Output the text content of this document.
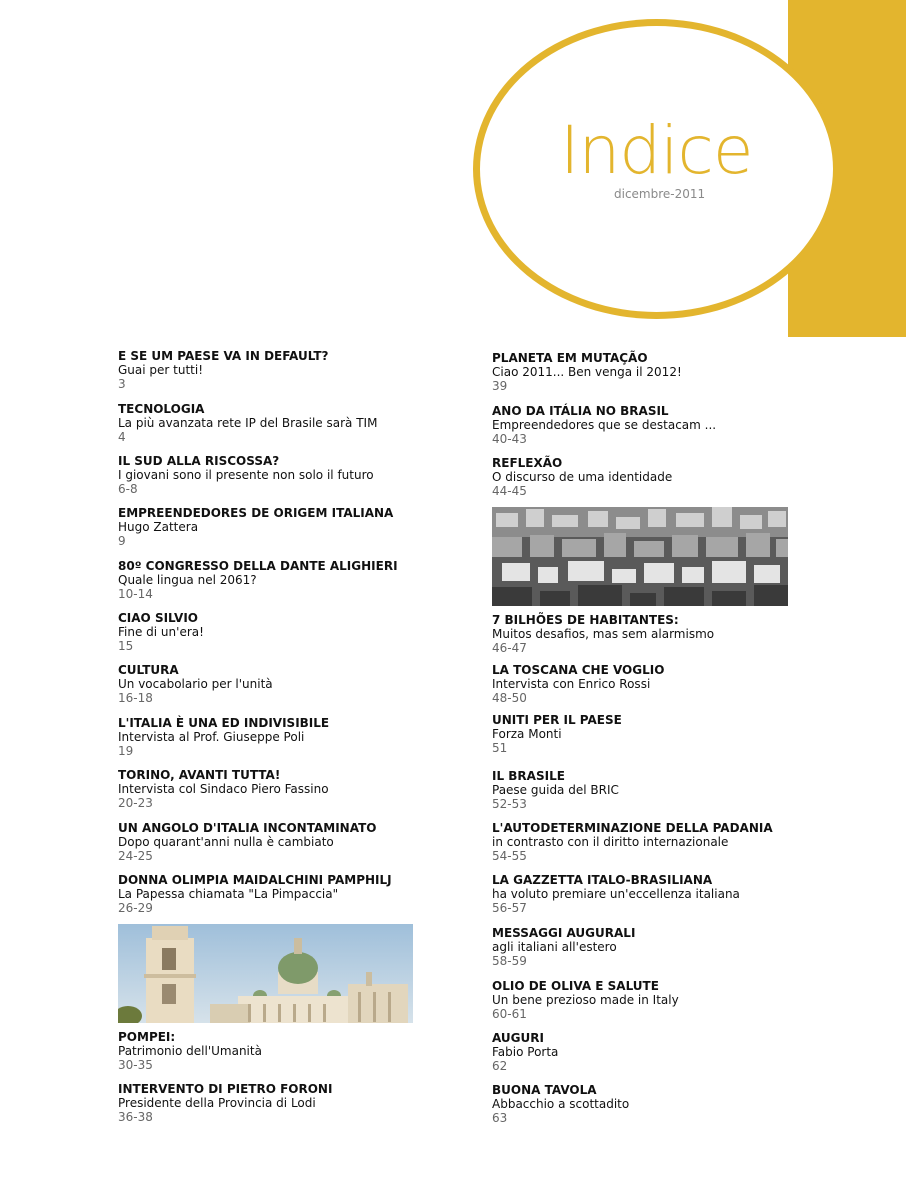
Indice
dicembre-2011
E SE UM PAESE VA IN DEFAULT?
Guai per tutti!
3
TECNOLOGIA
La più avanzata rete IP del Brasile sarà TIM
4
IL SUD ALLA RISCOSSA?
I giovani sono il presente non solo il futuro
6-8
EMPREENDEDORES DE ORIGEM ITALIANA
Hugo Zattera
9
80º CONGRESSO DELLA DANTE ALIGHIERI
Quale lingua nel 2061?
10-14
CIAO SILVIO
Fine di un'era!
15
CULTURA
Un vocabolario per l'unità
16-18
L'ITALIA È UNA ED INDIVISIBILE
Intervista al Prof. Giuseppe Poli
19
TORINO, AVANTI TUTTA!
Intervista col Sindaco Piero Fassino
20-23
UN ANGOLO D'ITALIA INCONTAMINATO
Dopo quarant'anni nulla è cambiato
24-25
DONNA OLIMPIA MAIDALCHINI PAMPHILJ
La Papessa chiamata "La Pimpaccia"
26-29
POMPEI:
Patrimonio dell'Umanità
30-35
INTERVENTO DI PIETRO FORONI
Presidente della Provincia di Lodi
36-38
PLANETA EM MUTAÇÃO
Ciao 2011... Ben venga il 2012!
39
ANO DA ITÁLIA NO BRASIL
Empreendedores que se destacam ...
40-43
REFLEXÃO
O discurso de uma identidade
44-45
7 BILHÕES DE HABITANTES:
Muitos desafios, mas sem alarmismo
46-47
LA TOSCANA CHE VOGLIO
Intervista con Enrico Rossi
48-50
UNITI PER IL PAESE
Forza Monti
51
IL BRASILE
Paese guida del BRIC
52-53
L'AUTODETERMINAZIONE DELLA PADANIA
in contrasto con il diritto internazionale
54-55
LA GAZZETTA ITALO-BRASILIANA
ha voluto premiare un'eccellenza italiana
56-57
MESSAGGI AUGURALI
agli italiani all'estero
58-59
OLIO DE OLIVA E SALUTE
Un bene prezioso made in Italy
60-61
AUGURI
Fabio Porta
62
BUONA TAVOLA
Abbacchio a scottadito
63
